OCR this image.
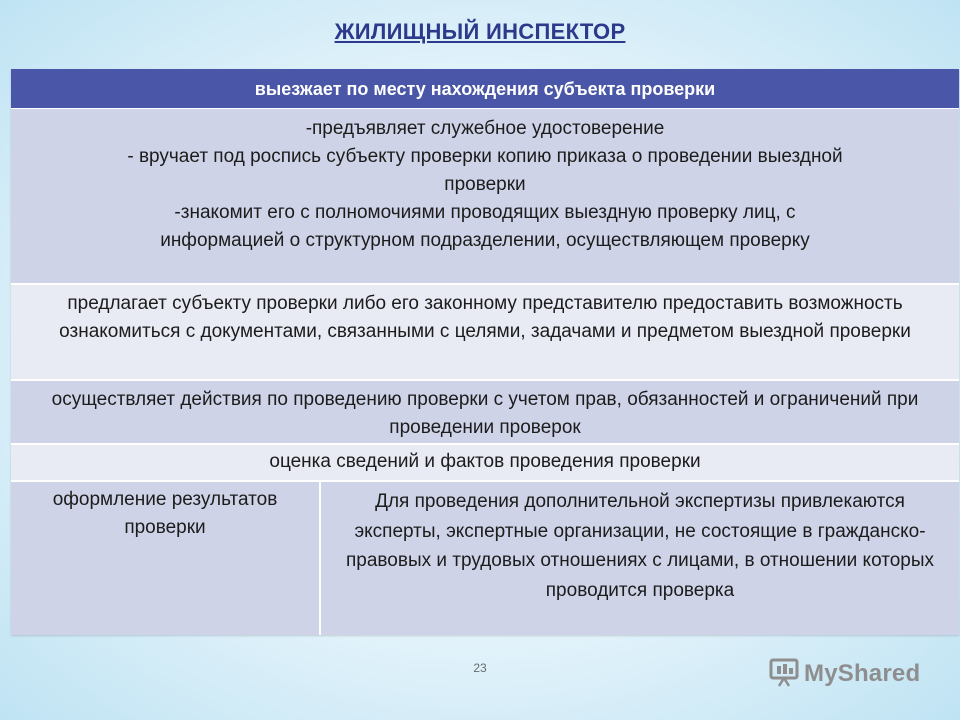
ЖИЛИЩНЫЙ ИНСПЕКТОР
выезжает по месту нахождения субъекта проверки
-предъявляет служебное удостоверение
- вручает под роспись субъекту проверки копию приказа о проведении выездной
проверки
-знакомит его с полномочиями проводящих выездную проверку лиц, с
информацией о структурном подразделении, осуществляющем проверку
предлагает субъекту проверки либо его законному представителю предоставить возможность ознакомиться с документами, связанными с целями, задачами и предметом выездной проверки
осуществляет действия по проведению проверки с учетом прав, обязанностей и ограничений при проведении проверок
оценка сведений и фактов проведения проверки
оформление результатов проверки
Для проведения дополнительной экспертизы привлекаются эксперты, экспертные организации, не состоящие в гражданско-правовых и трудовых отношениях с лицами, в отношении которых проводится проверка
23	MyShared
